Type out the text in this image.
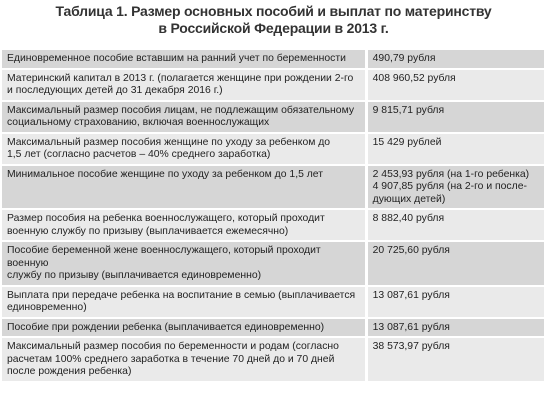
Таблица 1. Размер основных пособий и выплат по материнству
в Российской Федерации в 2013 г.
Единовременное пособие вставшим на ранний учет по беременности	490,79 рубля

Материнский капитал в 2013 г. (полагается женщине при рождении 2-го
и последующих детей до 31 декабря 2016 г.)	408 960,52 рубля

Максимальный размер пособия лицам, не подлежащим обязательному
социальному страхованию, включая военнослужащих	9 815,71 рубля

Максимальный размер пособия женщине по уходу за ребенком до
1,5 лет (согласно расчетов – 40% среднего заработка)	15 429 рублей

Минимальное пособие женщине по уходу за ребенком до 1,5 лет	2 453,93 рубля (на 1-го ребенка)
4 907,85 рубля (на 2-го и после-
дующих детей)

Размер пособия на ребенка военнослужащего, который проходит
военную службу по призыву (выплачивается ежемесячно)	8 882,40 рубля

Пособие беременной жене военнослужащего, который проходит военную
службу по призыву (выплачивается единовременно)	20 725,60 рубля

Выплата при передаче ребенка на воспитание в семью (выплачивается
единовременно)	13 087,61 рубля

Пособие при рождении ребенка (выплачивается единовременно)	13 087,61 рубля

Максимальный размер пособия по беременности и родам (согласно
расчетам 100% среднего заработка в течение 70 дней до и 70 дней
после рождения ребенка)	38 573,97 рубля
